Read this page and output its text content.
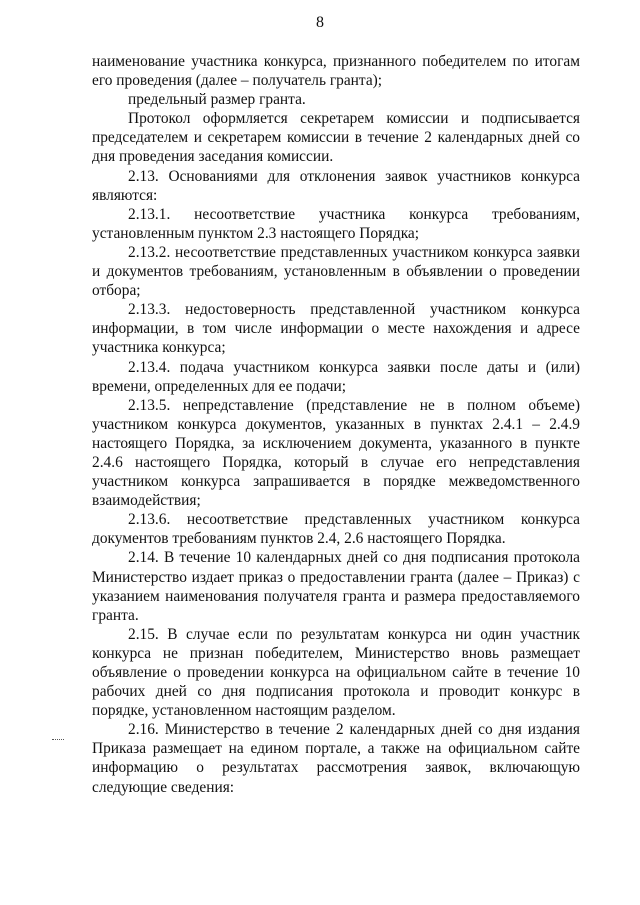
8

наименование участника конкурса, признанного победителем по итогам его проведения (далее – получатель гранта);

предельный размер гранта.

Протокол оформляется секретарем комиссии и подписывается председателем и секретарем комиссии в течение 2 календарных дней со дня проведения заседания комиссии.

2.13. Основаниями для отклонения заявок участников конкурса являются:

2.13.1. несоответствие участника конкурса требованиям, установленным пунктом 2.3 настоящего Порядка;

2.13.2. несоответствие представленных участником конкурса заявки и документов требованиям, установленным в объявлении о проведении отбора;

2.13.3. недостоверность представленной участником конкурса информации, в том числе информации о месте нахождения и адресе участника конкурса;

2.13.4. подача участником конкурса заявки после даты и (или) времени, определенных для ее подачи;

2.13.5. непредставление (представление не в полном объеме) участником конкурса документов, указанных в пунктах 2.4.1 – 2.4.9 настоящего Порядка, за исключением документа, указанного в пункте 2.4.6 настоящего Порядка, который в случае его непредставления участником конкурса запрашивается в порядке межведомственного взаимодействия;

2.13.6. несоответствие представленных участником конкурса документов требованиям пунктов 2.4, 2.6 настоящего Порядка.

2.14. В течение 10 календарных дней со дня подписания протокола Министерство издает приказ о предоставлении гранта (далее – Приказ) с указанием наименования получателя гранта и размера предоставляемого гранта.

2.15. В случае если по результатам конкурса ни один участник конкурса не признан победителем, Министерство вновь размещает объявление о проведении конкурса на официальном сайте в течение 10 рабочих дней со дня подписания протокола и проводит конкурс в порядке, установленном настоящим разделом.

2.16. Министерство в течение 2 календарных дней со дня издания Приказа размещает на едином портале, а также на официальном сайте информацию о результатах рассмотрения заявок, включающую следующие сведения:
